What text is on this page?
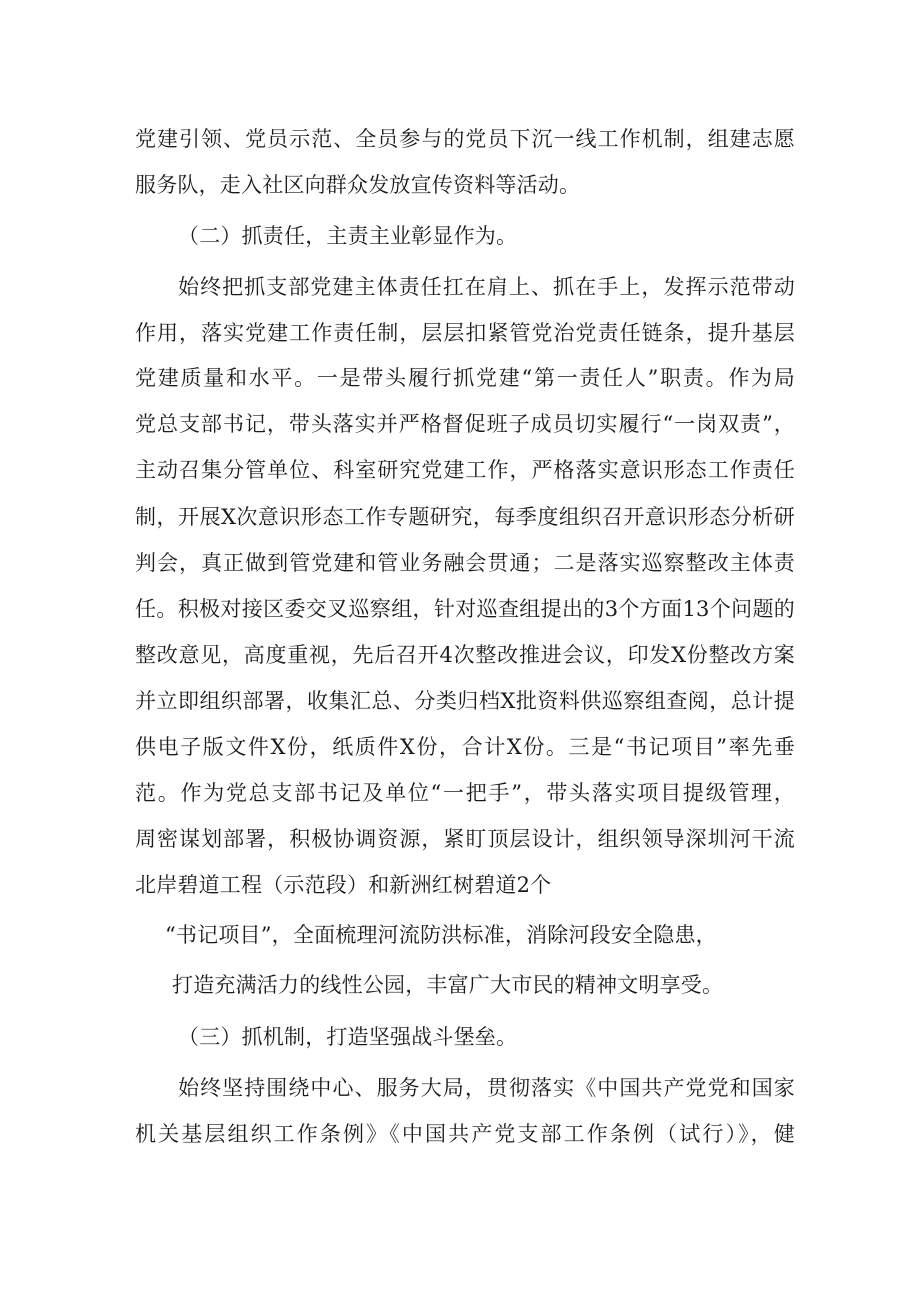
党建引领、党员示范、全员参与的党员下沉一线工作机制，组建志愿
服务队，走入社区向群众发放宣传资料等活动。
（二）抓责任，主责主业彰显作为。
始终把抓支部党建主体责任扛在肩上、抓在手上，发挥示范带动
作用，落实党建工作责任制，层层扣紧管党治党责任链条，提升基层
党建质量和水平。一是带头履行抓党建“第一责任人”职责。作为局
党总支部书记，带头落实并严格督促班子成员切实履行“一岗双责”，
主动召集分管单位、科室研究党建工作，严格落实意识形态工作责任
制，开展X次意识形态工作专题研究，每季度组织召开意识形态分析研
判会，真正做到管党建和管业务融会贯通；二是落实巡察整改主体责
任。积极对接区委交叉巡察组，针对巡查组提出的3个方面13个问题的
整改意见，高度重视，先后召开4次整改推进会议，印发X份整改方案
并立即组织部署，收集汇总、分类归档X批资料供巡察组查阅，总计提
供电子版文件X份，纸质件X份，合计X份。三是“书记项目”率先垂
范。作为党总支部书记及单位“一把手”，带头落实项目提级管理，
周密谋划部署，积极协调资源，紧盯顶层设计，组织领导深圳河干流
北岸碧道工程（示范段）和新洲红树碧道2个
“书记项目”，全面梳理河流防洪标准，消除河段安全隐患，
打造充满活力的线性公园，丰富广大市民的精神文明享受。
（三）抓机制，打造坚强战斗堡垒。
始终坚持围绕中心、服务大局，贯彻落实《中国共产党党和国家
机关基层组织工作条例》《中国共产党支部工作条例（试行）》，健
